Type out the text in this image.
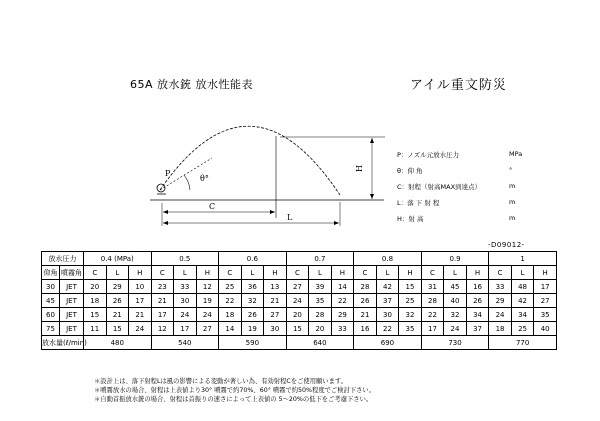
65A 放水銃 放水性能表	アイル重文防災
P
θ°
C
L
H
P：ノズル元放水圧力	MPa
θ：仰 角	°
C：射程（射高MAX到達点）	m
L：落 下 射 程	m
H：射 高	m
-D09012-
放水圧力		0.4 (MPa)			0.5			0.6			0.7			0.8			0.9			1		
仰角	噴霧角	C	L	H	C	L	H	C	L	H	C	L	H	C	L	H	C	L	H	C	L	H
30	JET	20	29	10	23	33	12	25	36	13	27	39	14	28	42	15	31	45	16	33	48	17
45	JET	18	26	17	21	30	19	22	32	21	24	35	22	26	37	25	28	40	26	29	42	27
60	JET	15	21	21	17	24	24	18	26	27	20	28	29	21	30	32	22	32	34	24	34	35
75	JET	11	15	24	12	17	27	14	19	30	15	20	33	16	22	35	17	24	37	18	25	40
放水量(ℓ/min)		480			540			590			640			690			730			770		
＊設計上は、落下射程Lは風の影響による変動が著しい為、有効射程Cをご使用願います。
＊噴霧放水の場合、射程は上表値より30° 噴霧で約70%、60° 噴霧で約50%程度でご検討下さい。
＊自動首振放水銃の場合、射程は首振りの速さによって上表値の 5〜20%の低下をご考慮下さい。
